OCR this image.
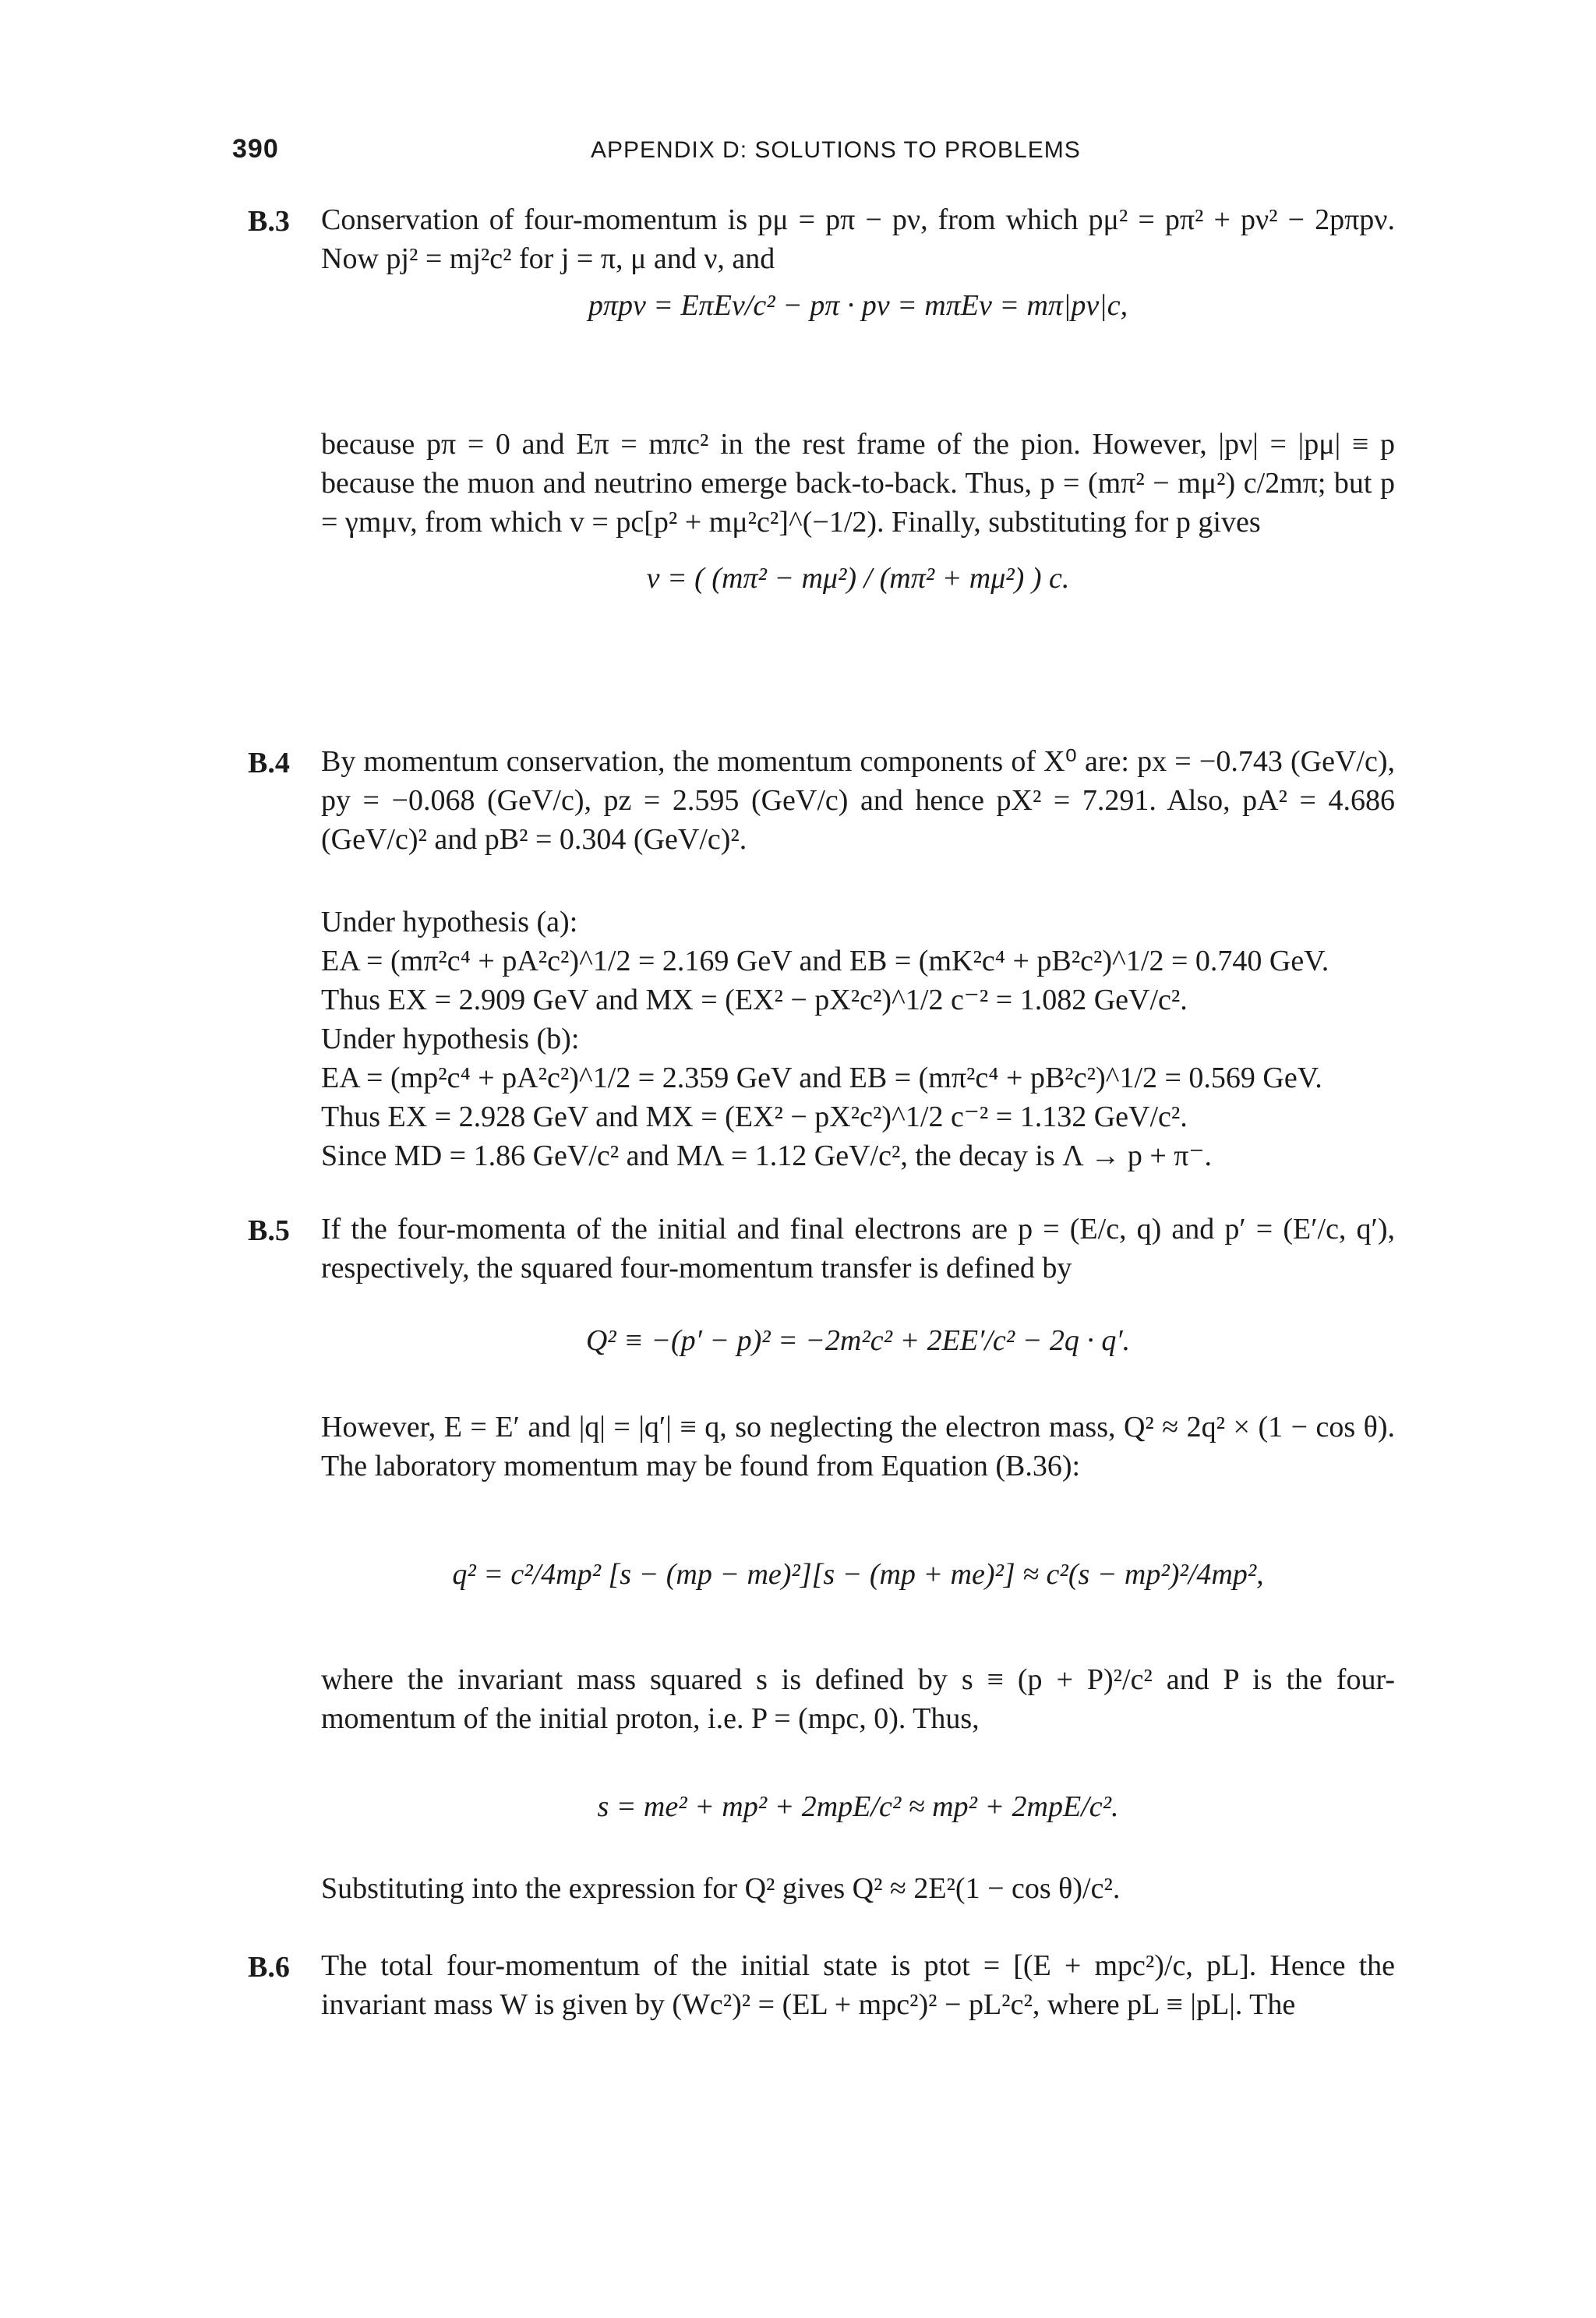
390	APPENDIX D: SOLUTIONS TO PROBLEMS
B.3 Conservation of four-momentum is pμ = pπ − pν, from which pμ² = pπ² + pν² − 2pπpν. Now pj² = mj²c² for j = π, μ and ν, and

pπpν = EπEν/c² − pπ · pν = mπEν = mπ|pν|c,

because pπ = 0 and Eπ = mπc² in the rest frame of the pion. However, |pν| = |pμ| ≡ p because the muon and neutrino emerge back-to-back. Thus, p = (mπ² − mμ²) c/2mπ; but p = γmμv, from which v = pc[p² + mμ²c²]^(−1/2). Finally, substituting for p gives

v = ( (mπ² − mμ²) / (mπ² + mμ²) ) c.

B.4 By momentum conservation, the momentum components of X⁰ are: px = −0.743 (GeV/c), py = −0.068 (GeV/c), pz = 2.595 (GeV/c) and hence pX² = 7.291. Also, pA² = 4.686 (GeV/c)² and pB² = 0.304 (GeV/c)².

Under hypothesis (a):

EA = (mπ²c⁴ + pA²c²)^1/2 = 2.169 GeV and EB = (mK²c⁴ + pB²c²)^1/2 = 0.740 GeV.

Thus EX = 2.909 GeV and MX = (EX² − pX²c²)^1/2 c⁻² = 1.082 GeV/c².

Under hypothesis (b):

EA = (mp²c⁴ + pA²c²)^1/2 = 2.359 GeV and EB = (mπ²c⁴ + pB²c²)^1/2 = 0.569 GeV.

Thus EX = 2.928 GeV and MX = (EX² − pX²c²)^1/2 c⁻² = 1.132 GeV/c².

Since MD = 1.86 GeV/c² and MΛ = 1.12 GeV/c², the decay is Λ → p + π⁻.

B.5 If the four-momenta of the initial and final electrons are p = (E/c, q) and p′ = (E′/c, q′), respectively, the squared four-momentum transfer is defined by

Q² ≡ −(p′ − p)² = −2m²c² + 2EE′/c² − 2q · q′.

However, E = E′ and |q| = |q′| ≡ q, so neglecting the electron mass, Q² ≈ 2q² × (1 − cos θ). The laboratory momentum may be found from Equation (B.36):

q² = c²/4mp² [s − (mp − me)²][s − (mp + me)²] ≈ c²(s − mp²)²/4mp²,

where the invariant mass squared s is defined by s ≡ (p + P)²/c² and P is the four-momentum of the initial proton, i.e. P = (mpc, 0). Thus,

s = me² + mp² + 2mpE/c² ≈ mp² + 2mpE/c².

Substituting into the expression for Q² gives Q² ≈ 2E²(1 − cos θ)/c².

B.6 The total four-momentum of the initial state is ptot = [(E + mpc²)/c, pL]. Hence the invariant mass W is given by (Wc²)² = (EL + mpc²)² − pL²c², where pL ≡ |pL|. The
